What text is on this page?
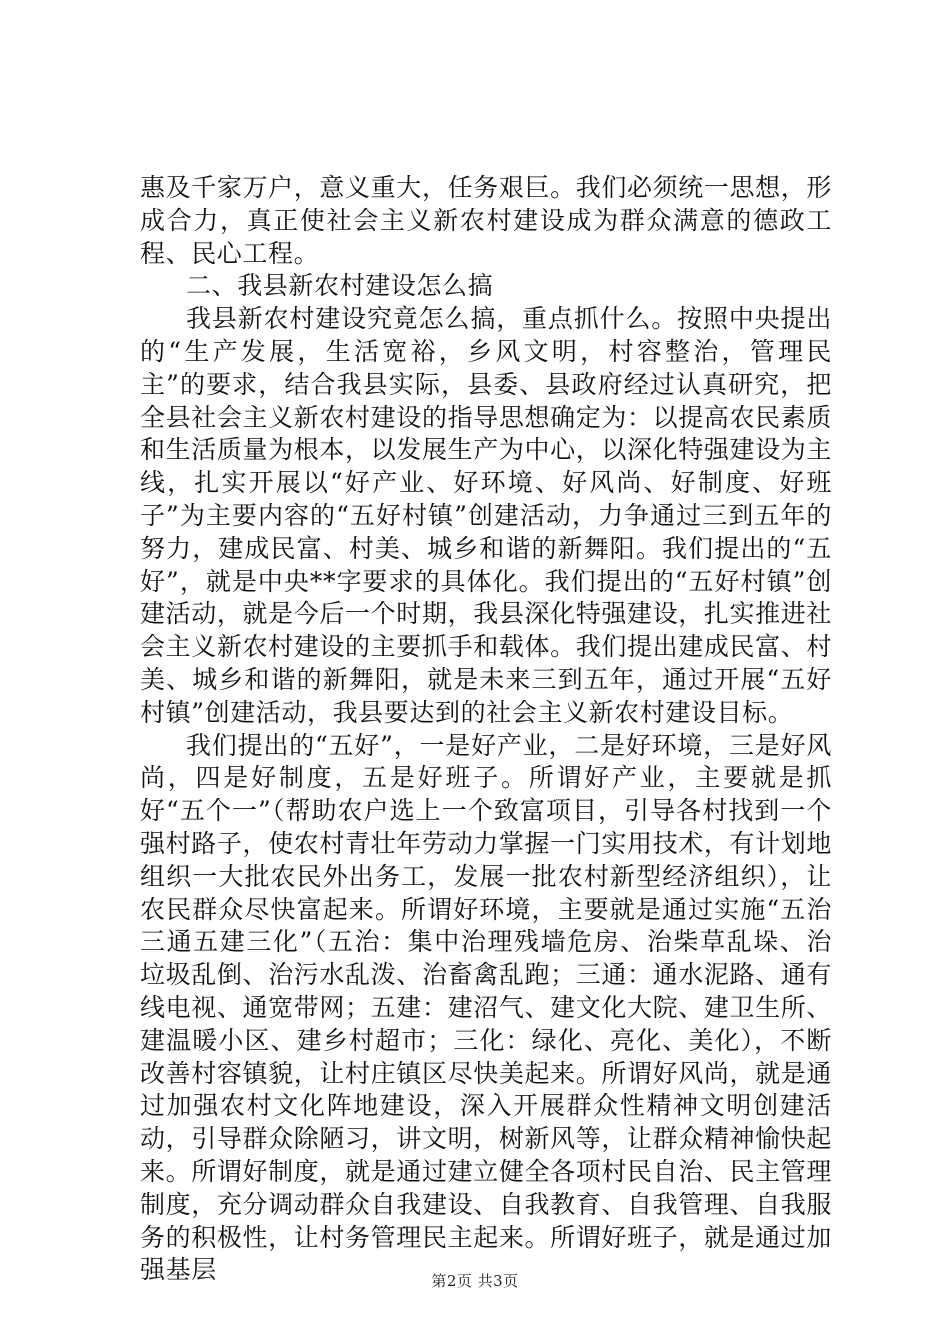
惠及千家万户，意义重大，任务艰巨。我们必须统一思想，形成合力，真正使社会主义新农村建设成为群众满意的德政工程、民心工程。

二、我县新农村建设怎么搞

我县新农村建设究竟怎么搞，重点抓什么。按照中央提出的“生产发展，生活宽裕，乡风文明，村容整治，管理民主”的要求，结合我县实际，县委、县政府经过认真研究，把全县社会主义新农村建设的指导思想确定为：以提高农民素质和生活质量为根本，以发展生产为中心，以深化特强建设为主线，扎实开展以“好产业、好环境、好风尚、好制度、好班子”为主要内容的“五好村镇”创建活动，力争通过三到五年的努力，建成民富、村美、城乡和谐的新舞阳。我们提出的“五好”，就是中央**字要求的具体化。我们提出的“五好村镇”创建活动，就是今后一个时期，我县深化特强建设，扎实推进社会主义新农村建设的主要抓手和载体。我们提出建成民富、村美、城乡和谐的新舞阳，就是未来三到五年，通过开展“五好村镇”创建活动，我县要达到的社会主义新农村建设目标。

我们提出的“五好”，一是好产业，二是好环境，三是好风尚，四是好制度，五是好班子。所谓好产业，主要就是抓好“五个一”（帮助农户选上一个致富项目，引导各村找到一个强村路子，使农村青壮年劳动力掌握一门实用技术，有计划地组织一大批农民外出务工，发展一批农村新型经济组织），让农民群众尽快富起来。所谓好环境，主要就是通过实施“五治三通五建三化”（五治：集中治理残墙危房、治柴草乱垛、治垃圾乱倒、治污水乱泼、治畜禽乱跑；三通：通水泥路、通有线电视、通宽带网；五建：建沼气、建文化大院、建卫生所、建温暖小区、建乡村超市；三化：绿化、亮化、美化），不断改善村容镇貌，让村庄镇区尽快美起来。所谓好风尚，就是通过加强农村文化阵地建设，深入开展群众性精神文明创建活动，引导群众除陋习，讲文明，树新风等，让群众精神愉快起来。所谓好制度，就是通过建立健全各项村民自治、民主管理制度，充分调动群众自我建设、自我教育、自我管理、自我服务的积极性，让村务管理民主起来。所谓好班子，就是通过加强基层	第2页 共3页
